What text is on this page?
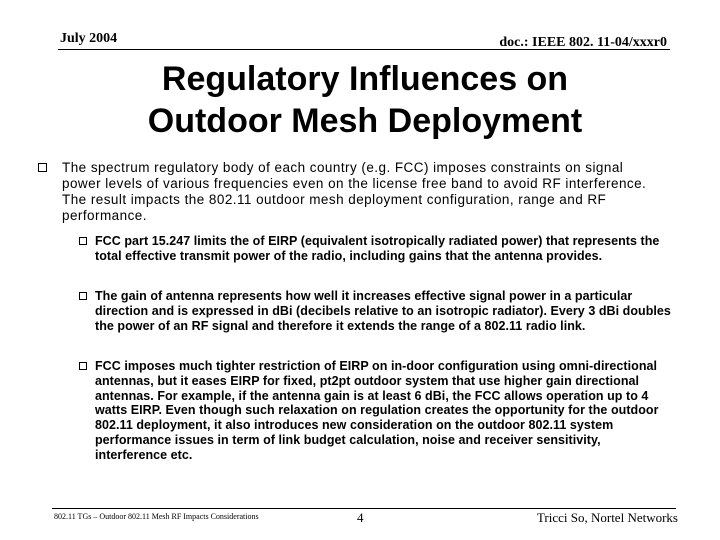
July 2004	doc.: IEEE 802. 11-04/xxxr0
Regulatory Influences on
Outdoor Mesh Deployment
The spectrum regulatory body of each country (e.g. FCC) imposes constraints on signal power levels of various frequencies even on the license free band to avoid RF interference. The result impacts the 802.11 outdoor mesh deployment configuration, range and RF performance.
FCC part 15.247 limits the of EIRP (equivalent isotropically radiated power) that represents the total effective transmit power of the radio, including gains that the antenna provides.
The gain of antenna represents how well it increases effective signal power in a particular direction and is expressed in dBi (decibels relative to an isotropic radiator). Every 3 dBi doubles the power of an RF signal and therefore it extends the range of a 802.11 radio link.
FCC imposes much tighter restriction of EIRP on in-door configuration using omni-directional antennas, but it eases EIRP for fixed, pt2pt outdoor system that use higher gain directional antennas. For example, if the antenna gain is at least 6 dBi, the FCC allows operation up to 4 watts EIRP. Even though such relaxation on regulation creates the opportunity for the outdoor 802.11 deployment, it also introduces new consideration on the outdoor 802.11 system performance issues in term of link budget calculation, noise and receiver sensitivity, interference etc.
802.11 TGs – Outdoor 802.11 Mesh RF Impacts Considerations	4	Tricci So, Nortel Networks
